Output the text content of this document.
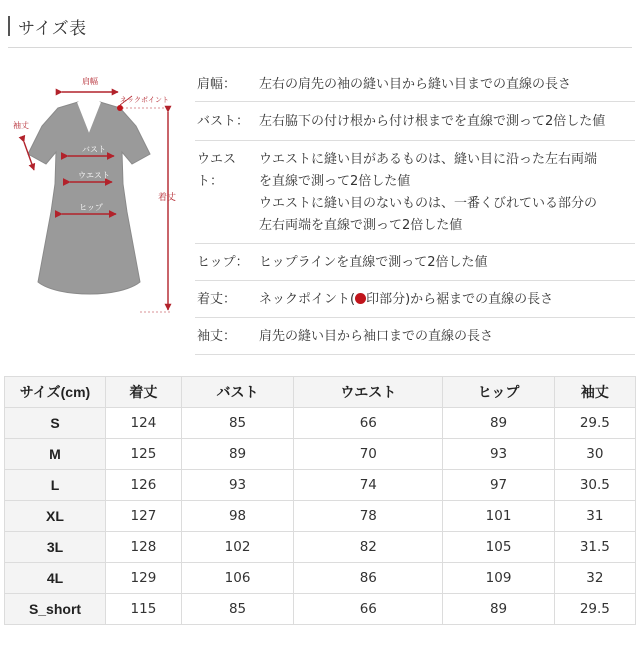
サイズ表
肩幅
ネックポイント
袖丈
バスト
ウエスト
ヒップ
着丈
肩幅：	左右の肩先の袖の縫い目から縫い目までの直線の長さ
バスト： 左右脇下の付け根から付け根までを直線で測って2倍した値
ウエスト：
ウエストに縫い目があるものは、縫い目に沿った左右両端
を直線で測って2倍した値
ウエストに縫い目のないものは、一番くびれている部分の
左右両端を直線で測って2倍した値
ヒップ： ヒップラインを直線で測って2倍した値
着丈：	ネックポイント( 印部分)から裾までの直線の長さ
袖丈：	肩先の縫い目から袖口までの直線の長さ
サイズ(cm)	着丈	バスト	ウエスト	ヒップ	袖丈
S	124	85	66	89	29.5
M	125	89	70	93	30
L	126	93	74	97	30.5
XL	127	98	78	101	31
3L	128	102	82	105	31.5
4L	129	106	86	109	32
S_short	115	85	66	89	29.5
